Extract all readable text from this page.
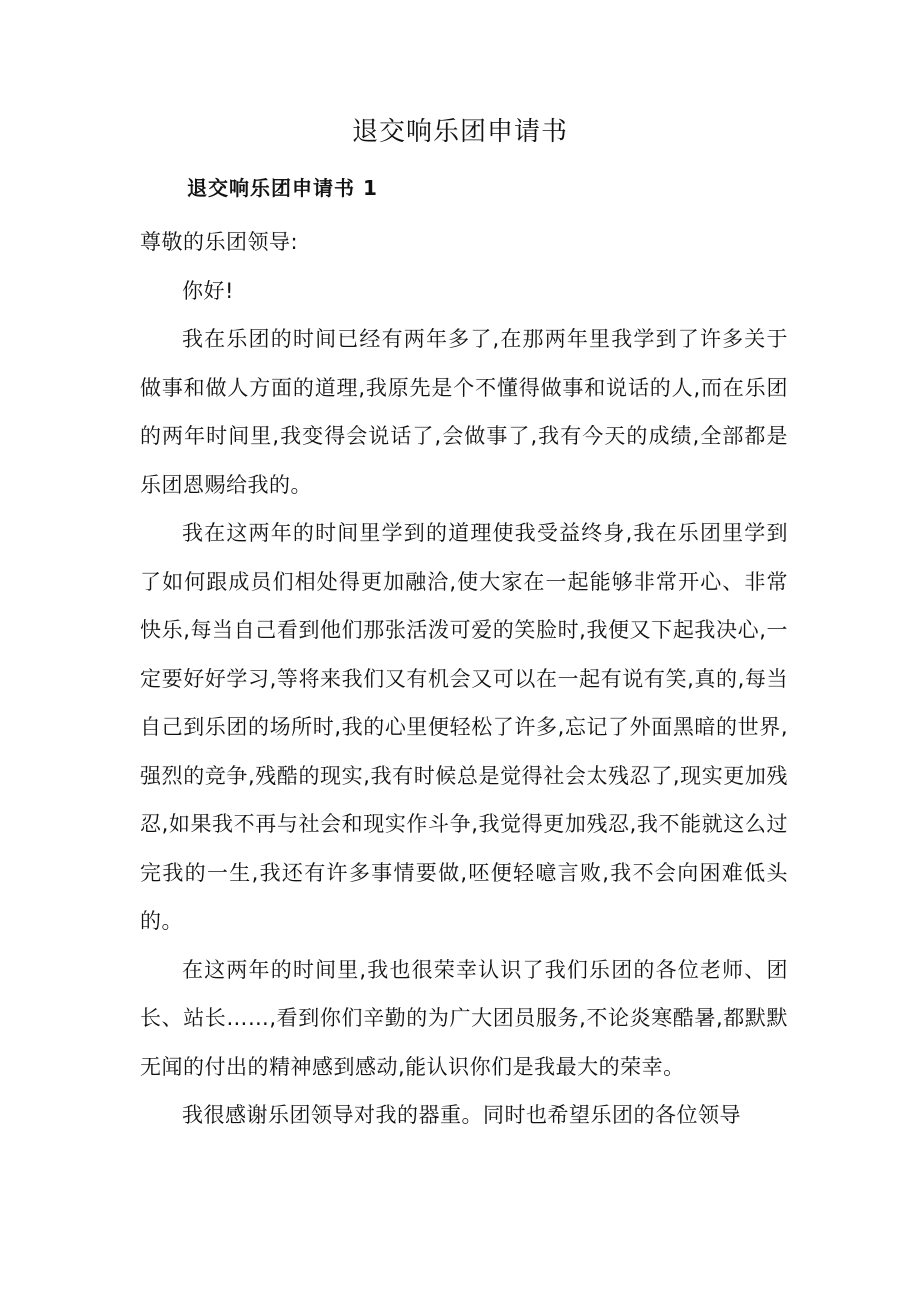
退交响乐团申请书
退交响乐团申请书 1

尊敬的乐团领导:

你好!

我在乐团的时间已经有两年多了,在那两年里我学到了许多关于做事和做人方面的道理,我原先是个不懂得做事和说话的人,而在乐团的两年时间里,我变得会说话了,会做事了,我有今天的成绩,全部都是乐团恩赐给我的。

我在这两年的时间里学到的道理使我受益终身,我在乐团里学到了如何跟成员们相处得更加融洽,使大家在一起能够非常开心、非常快乐,每当自己看到他们那张活泼可爱的笑脸时,我便又下起我决心,一定要好好学习,等将来我们又有机会又可以在一起有说有笑,真的,每当自己到乐团的场所时,我的心里便轻松了许多,忘记了外面黑暗的世界,强烈的竞争,残酷的现实,我有时候总是觉得社会太残忍了,现实更加残忍,如果我不再与社会和现实作斗争,我觉得更加残忍,我不能就这么过完我的一生,我还有许多事情要做,呸便轻噫言败,我不会向困难低头的。

在这两年的时间里,我也很荣幸认识了我们乐团的各位老师、团长、站长……,看到你们辛勤的为广大团员服务,不论炎寒酷暑,都默默无闻的付出的精神感到感动,能认识你们是我最大的荣幸。

我很感谢乐团领导对我的器重。同时也希望乐团的各位领导
